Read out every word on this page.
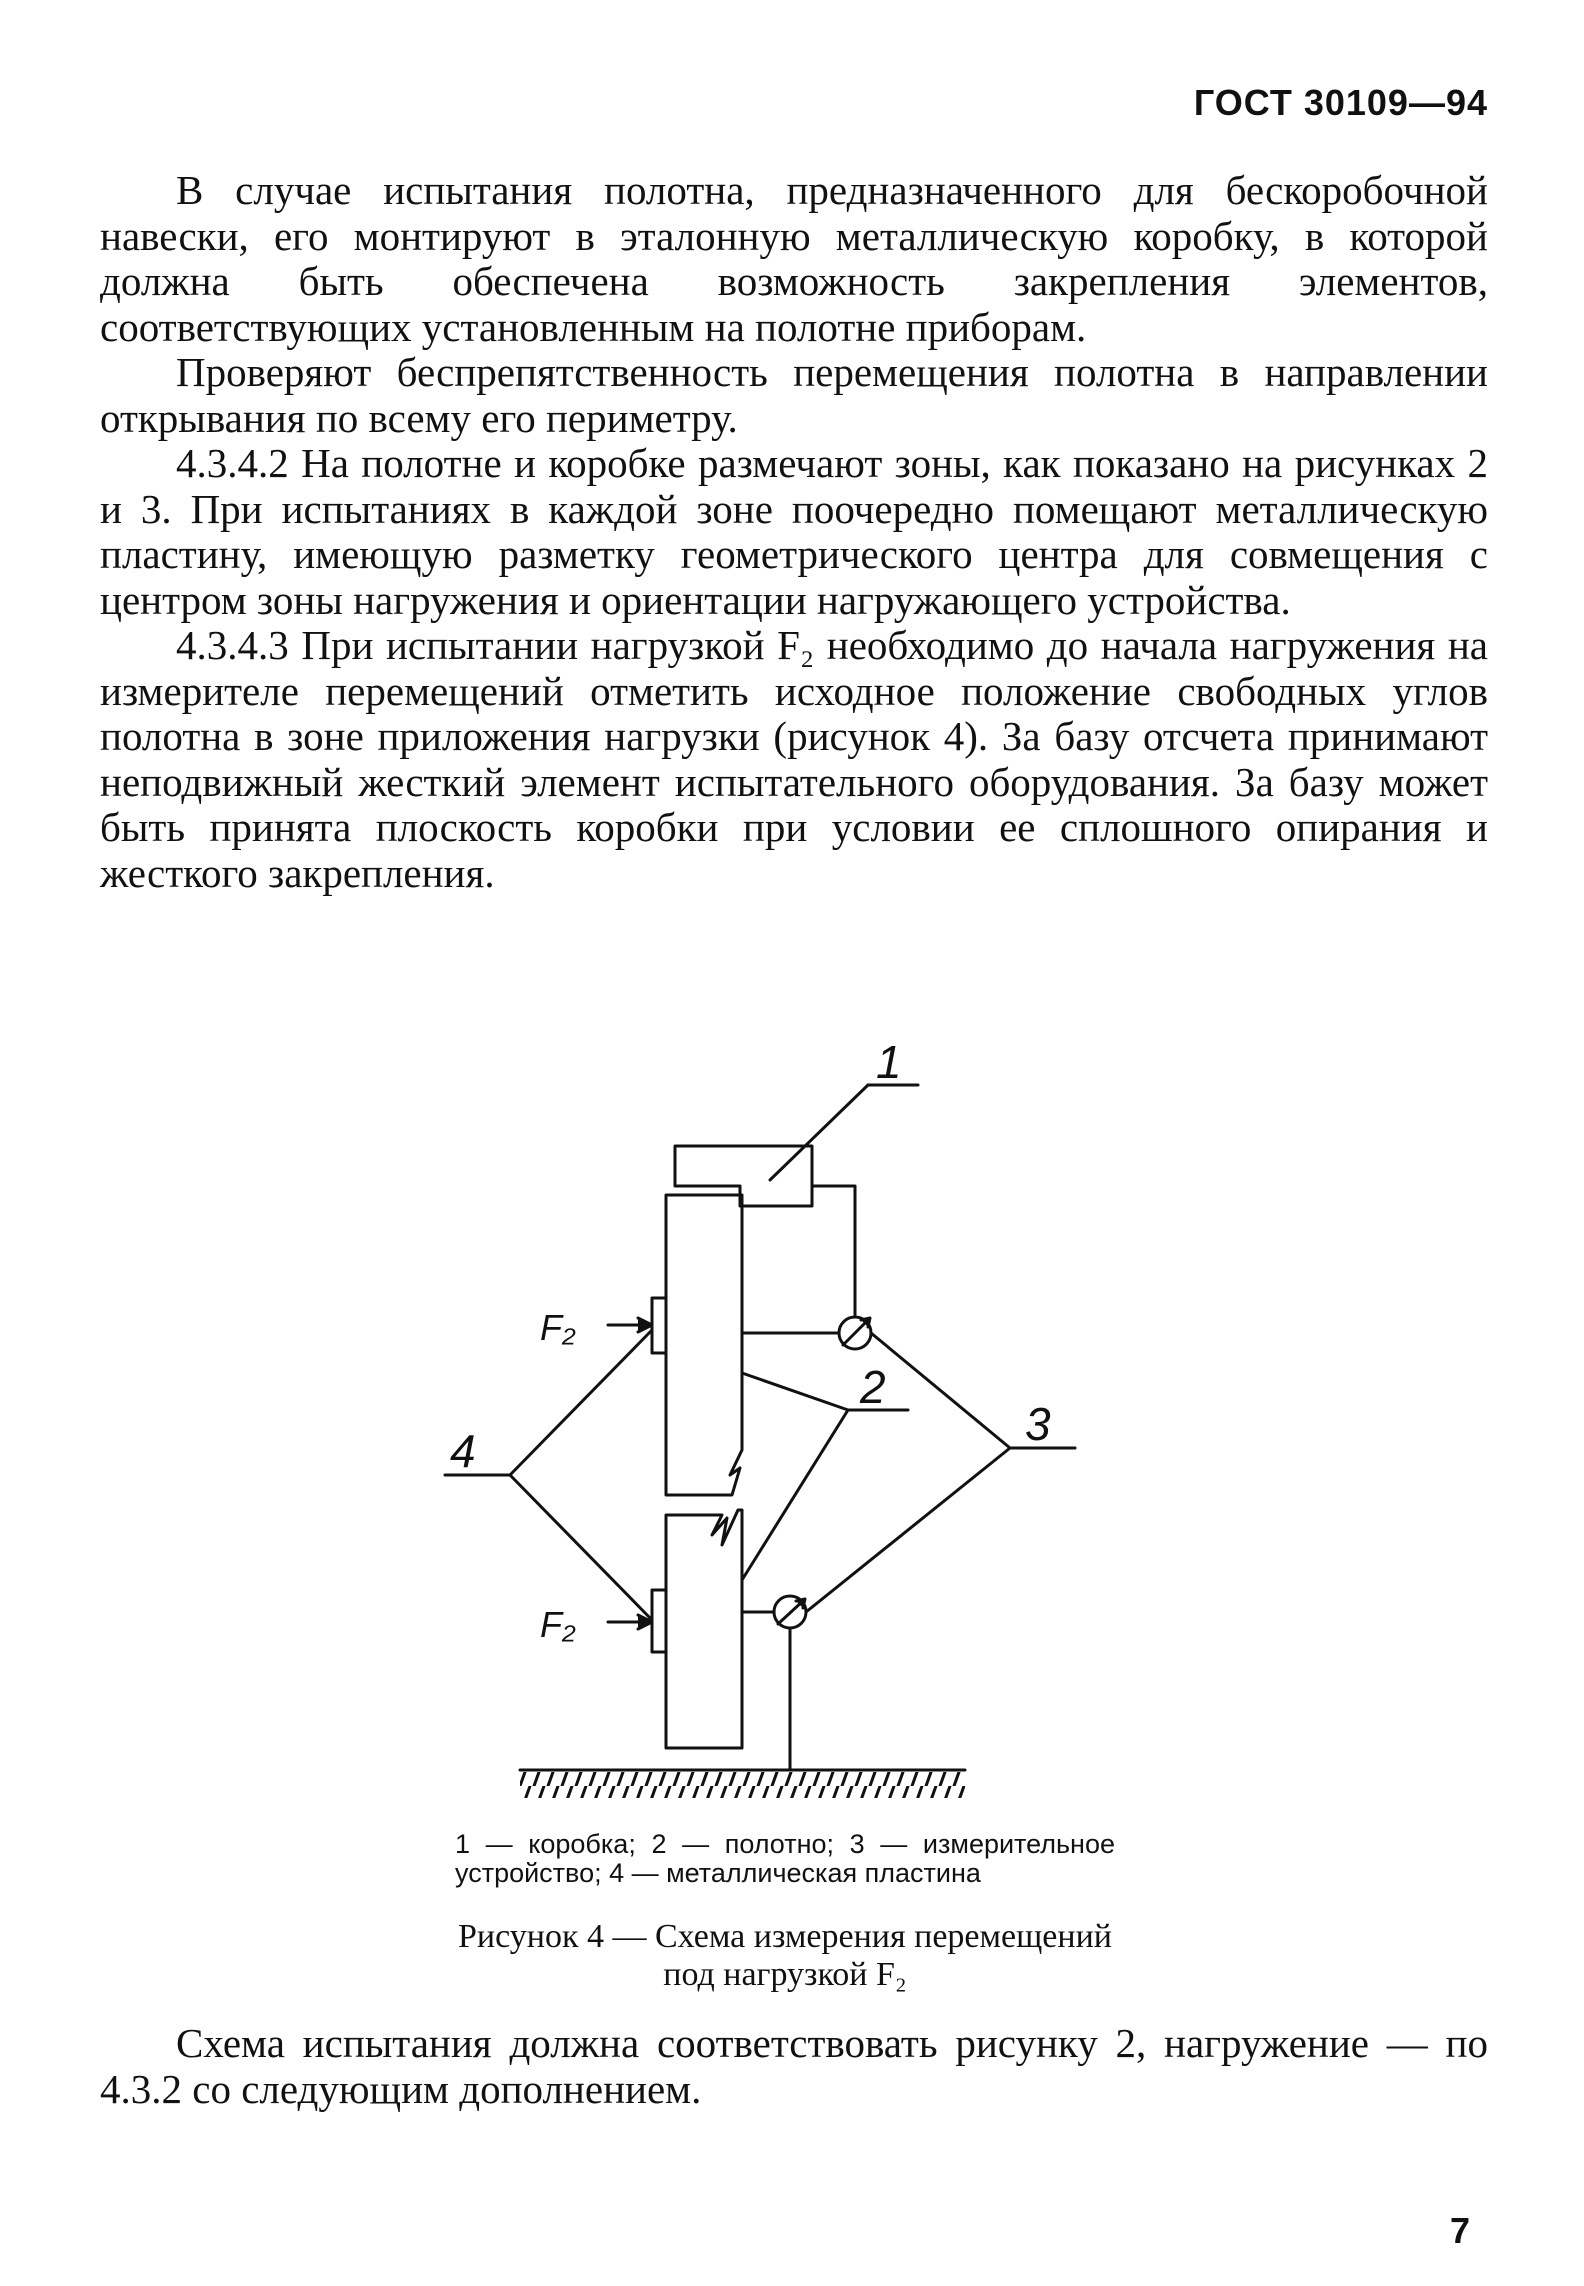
ГОСТ 30109—94

В случае испытания полотна, предназначенного для бескоробочной навески, его монтируют в эталонную металлическую коробку, в которой должна быть обеспечена возможность закрепления элементов, соответствующих установленным на полотне приборам.

Проверяют беспрепятственность перемещения полотна в направлении открывания по всему его периметру.

4.3.4.2 На полотне и коробке размечают зоны, как показано на рисунках 2 и 3. При испытаниях в каждой зоне поочередно помещают металлическую пластину, имеющую разметку геометрического центра для совмещения с центром зоны нагружения и ориентации нагружающего устройства.

4.3.4.3 При испытании нагрузкой F₂ необходимо до начала нагружения на измерителе перемещений отметить исходное положение свободных углов полотна в зоне приложения нагрузки (рисунок 4). За базу отсчета принимают неподвижный жесткий элемент испытательного оборудования. За базу может быть принята плоскость коробки при условии ее сплошного опирания и жесткого закрепления.

1
F₂
F₂
2
3
4
1 — коробка; 2 — полотно; 3 — измерительное устройство; 4 — металлическая пластина
Рисунок 4 — Схема измерения перемещений под нагрузкой F₂

Схема испытания должна соответствовать рисунку 2, нагружение — по 4.3.2 со следующим дополнением.

7
